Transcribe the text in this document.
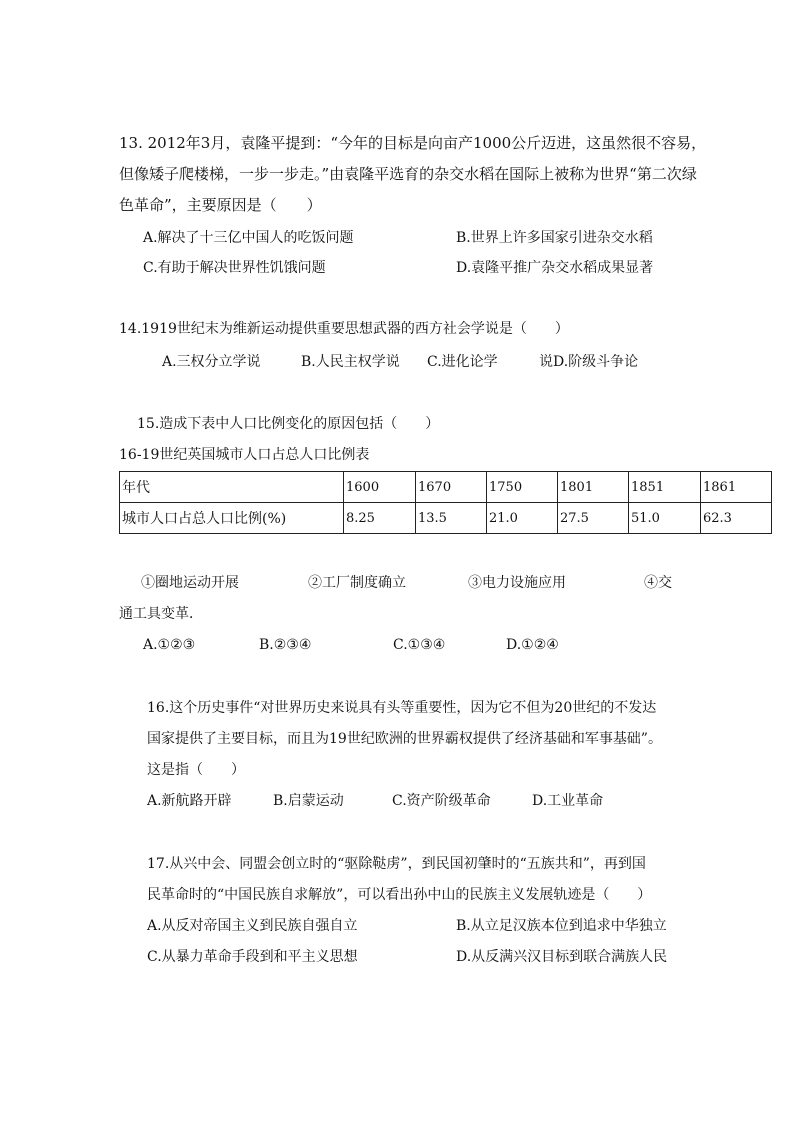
13. 2012年3月，袁隆平提到：“今年的目标是向亩产1000公斤迈进，这虽然很不容易，
但像矮子爬楼梯，一步一步走。”由袁隆平选育的杂交水稻在国际上被称为世界“第二次绿
色革命”，主要原因是（　　）
A.解决了十三亿中国人的吃饭问题	B.世界上许多国家引进杂交水稻
C.有助于解决世界性饥饿问题	D.袁隆平推广杂交水稻成果显著
14.1919世纪末为维新运动提供重要思想武器的西方社会学说是（　　）
A.三权分立学说	B.人民主权学说 C.进化论学	说D.阶级斗争论
15.造成下表中人口比例变化的原因包括（　　）
16-19世纪英国城市人口占总人口比例表
年代	1600	1670	1750	1801	1851	1861
城市人口占总人口比例(%)	8.25	13.5	21.0	27.5	51.0	62.3
①圈地运动开展	②工厂制度确立	③电力设施应用	④交
通工具变革．
A.①②③	B.②③④	C.①③④	D.①②④
16.这个历史事件“对世界历史来说具有头等重要性，因为它不但为20世纪的不发达
国家提供了主要目标，而且为19世纪欧洲的世界霸权提供了经济基础和军事基础”。
这是指（　　）
A.新航路开辟	B.启蒙运动	C.资产阶级革命	D.工业革命
17.从兴中会、同盟会创立时的“驱除鞑虏”，到民国初肇时的“五族共和”，再到国
民革命时的“中国民族自求解放”，可以看出孙中山的民族主义发展轨迹是（　　）
A.从反对帝国主义到民族自强自立	B.从立足汉族本位到追求中华独立
C.从暴力革命手段到和平主义思想	D.从反满兴汉目标到联合满族人民
